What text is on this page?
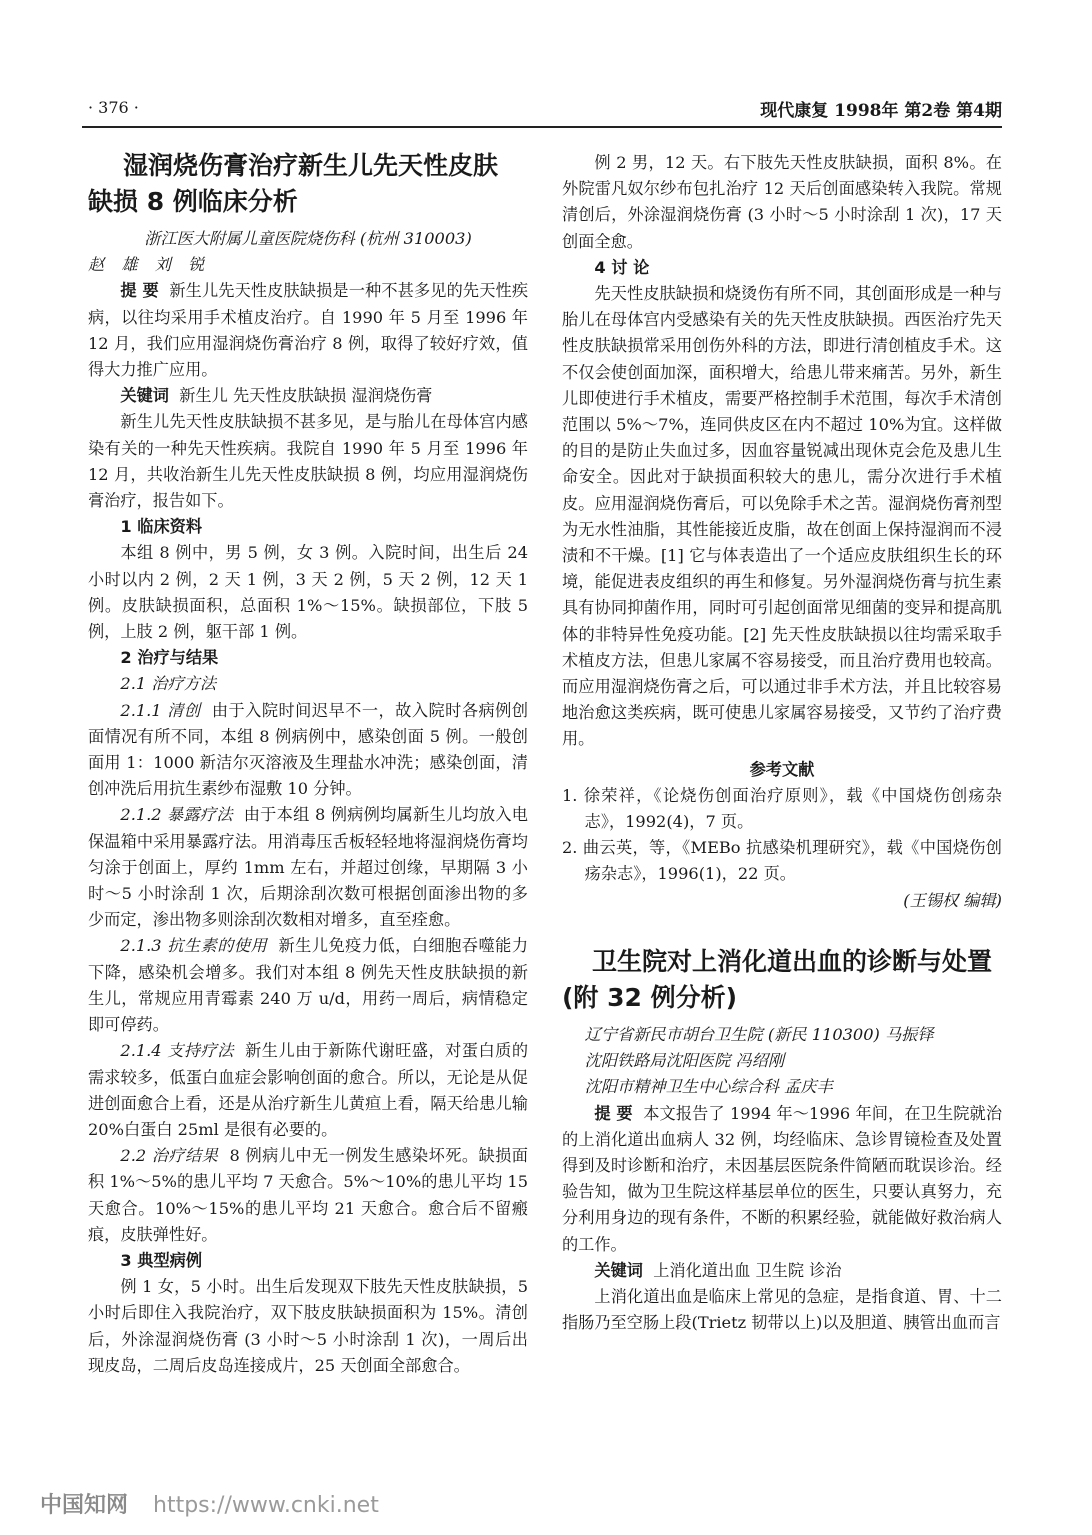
· 376 ·	现代康复 1998年 第2卷 第4期
湿润烧伤膏治疗新生儿先天性皮肤
缺损 8 例临床分析

浙江医大附属儿童医院烧伤科 (杭州 310003)

赵 雄 刘 锐

提 要 新生儿先天性皮肤缺损是一种不甚多见的先天性疾病，以往均采用手术植皮治疗。自 1990 年 5 月至 1996 年 12 月，我们应用湿润烧伤膏治疗 8 例，取得了较好疗效，值得大力推广应用。

关键词 新生儿 先天性皮肤缺损 湿润烧伤膏

新生儿先天性皮肤缺损不甚多见，是与胎儿在母体宫内感染有关的一种先天性疾病。我院自 1990 年 5 月至 1996 年 12 月，共收治新生儿先天性皮肤缺损 8 例，均应用湿润烧伤膏治疗，报告如下。

1 临床资料

本组 8 例中，男 5 例，女 3 例。入院时间，出生后 24 小时以内 2 例，2 天 1 例，3 天 2 例，5 天 2 例，12 天 1 例。皮肤缺损面积，总面积 1%～15%。缺损部位，下肢 5 例，上肢 2 例，躯干部 1 例。

2 治疗与结果

2.1 治疗方法

2.1.1 清创 由于入院时间迟早不一，故入院时各病例创面情况有所不同，本组 8 例病例中，感染创面 5 例。一般创面用 1：1000 新洁尔灭溶液及生理盐水冲洗；感染创面，清创冲洗后用抗生素纱布湿敷 10 分钟。

2.1.2 暴露疗法 由于本组 8 例病例均属新生儿均放入电保温箱中采用暴露疗法。用消毒压舌板轻轻地将湿润烧伤膏均匀涂于创面上，厚约 1mm 左右，并超过创缘，早期隔 3 小时～5 小时涂刮 1 次，后期涂刮次数可根据创面渗出物的多少而定，渗出物多则涂刮次数相对增多，直至痊愈。

2.1.3 抗生素的使用 新生儿免疫力低，白细胞吞噬能力下降，感染机会增多。我们对本组 8 例先天性皮肤缺损的新生儿，常规应用青霉素 240 万 u/d，用药一周后，病情稳定即可停药。

2.1.4 支持疗法 新生儿由于新陈代谢旺盛，对蛋白质的需求较多，低蛋白血症会影响创面的愈合。所以，无论是从促进创面愈合上看，还是从治疗新生儿黄疸上看，隔天给患儿输 20%白蛋白 25ml 是很有必要的。

2.2 治疗结果 8 例病儿中无一例发生感染坏死。缺损面积 1%～5%的患儿平均 7 天愈合。5%～10%的患儿平均 15 天愈合。10%～15%的患儿平均 21 天愈合。愈合后不留瘢痕，皮肤弹性好。

3 典型病例

例 1 女，5 小时。出生后发现双下肢先天性皮肤缺损，5 小时后即住入我院治疗，双下肢皮肤缺损面积为 15%。清创后，外涂湿润烧伤膏 (3 小时～5 小时涂刮 1 次)，一周后出现皮岛，二周后皮岛连接成片，25 天创面全部愈合。

例 2 男，12 天。右下肢先天性皮肤缺损，面积 8%。在外院雷凡奴尔纱布包扎治疗 12 天后创面感染转入我院。常规清创后，外涂湿润烧伤膏 (3 小时～5 小时涂刮 1 次)，17 天创面全愈。

4 讨 论

先天性皮肤缺损和烧烫伤有所不同，其创面形成是一种与胎儿在母体宫内受感染有关的先天性皮肤缺损。西医治疗先天性皮肤缺损常采用创伤外科的方法，即进行清创植皮手术。这不仅会使创面加深，面积增大，给患儿带来痛苦。另外，新生儿即使进行手术植皮，需要严格控制手术范围，每次手术清创范围以 5%～7%，连同供皮区在内不超过 10%为宜。这样做的目的是防止失血过多，因血容量锐减出现休克会危及患儿生命安全。因此对于缺损面积较大的患儿，需分次进行手术植皮。应用湿润烧伤膏后，可以免除手术之苦。湿润烧伤膏剂型为无水性油脂，其性能接近皮脂，故在创面上保持湿润而不浸渍和不干燥。[1] 它与体表造出了一个适应皮肤组织生长的环境，能促进表皮组织的再生和修复。另外湿润烧伤膏与抗生素具有协同抑菌作用，同时可引起创面常见细菌的变异和提高肌体的非特异性免疫功能。[2] 先天性皮肤缺损以往均需采取手术植皮方法，但患儿家属不容易接受，而且治疗费用也较高。而应用湿润烧伤膏之后，可以通过非手术方法，并且比较容易地治愈这类疾病，既可使患儿家属容易接受，又节约了治疗费用。

参考文献

1. 徐荣祥，《论烧伤创面治疗原则》，载《中国烧伤创疡杂志》，1992(4)，7 页。

2. 曲云英，等，《MEBo 抗感染机理研究》，载《中国烧伤创疡杂志》，1996(1)，22 页。

(王锡权 编辑)

卫生院对上消化道出血的诊断与处置
(附 32 例分析)

辽宁省新民市胡台卫生院 (新民 110300) 马振铎

沈阳铁路局沈阳医院 冯绍刚

沈阳市精神卫生中心综合科 孟庆丰

提 要 本文报告了 1994 年～1996 年间，在卫生院就治的上消化道出血病人 32 例，均经临床、急诊胃镜检查及处置得到及时诊断和治疗，未因基层医院条件简陋而耽误诊治。经验告知，做为卫生院这样基层单位的医生，只要认真努力，充分利用身边的现有条件，不断的积累经验，就能做好救治病人的工作。

关键词 上消化道出血 卫生院 诊治

上消化道出血是临床上常见的急症，是指食道、胃、十二指肠乃至空肠上段(Trietz 韧带以上)以及胆道、胰管出血而言

中国知网 https://www.cnki.net
